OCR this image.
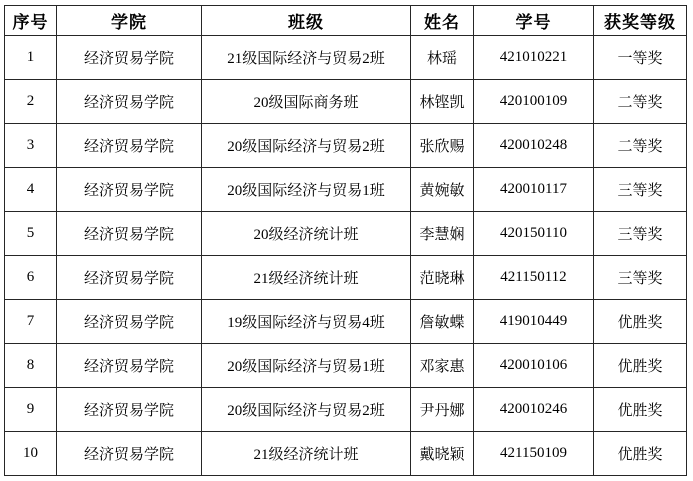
序号	学院	班级	姓名	学号	获奖等级
1	经济贸易学院	21级国际经济与贸易2班	林瑶	421010221	一等奖
2	经济贸易学院	20级国际商务班	林铿凯	420100109	二等奖
3	经济贸易学院	20级国际经济与贸易2班	张欣赐	420010248	二等奖
4	经济贸易学院	20级国际经济与贸易1班	黄婉敏	420010117	三等奖
5	经济贸易学院	20级经济统计班	李慧娴	420150110	三等奖
6	经济贸易学院	21级经济统计班	范晓琳	421150112	三等奖
7	经济贸易学院	19级国际经济与贸易4班	詹敏蝶	419010449	优胜奖
8	经济贸易学院	20级国际经济与贸易1班	邓家惠	420010106	优胜奖
9	经济贸易学院	20级国际经济与贸易2班	尹丹娜	420010246	优胜奖
10	经济贸易学院	21级经济统计班	戴晓颖	421150109	优胜奖
